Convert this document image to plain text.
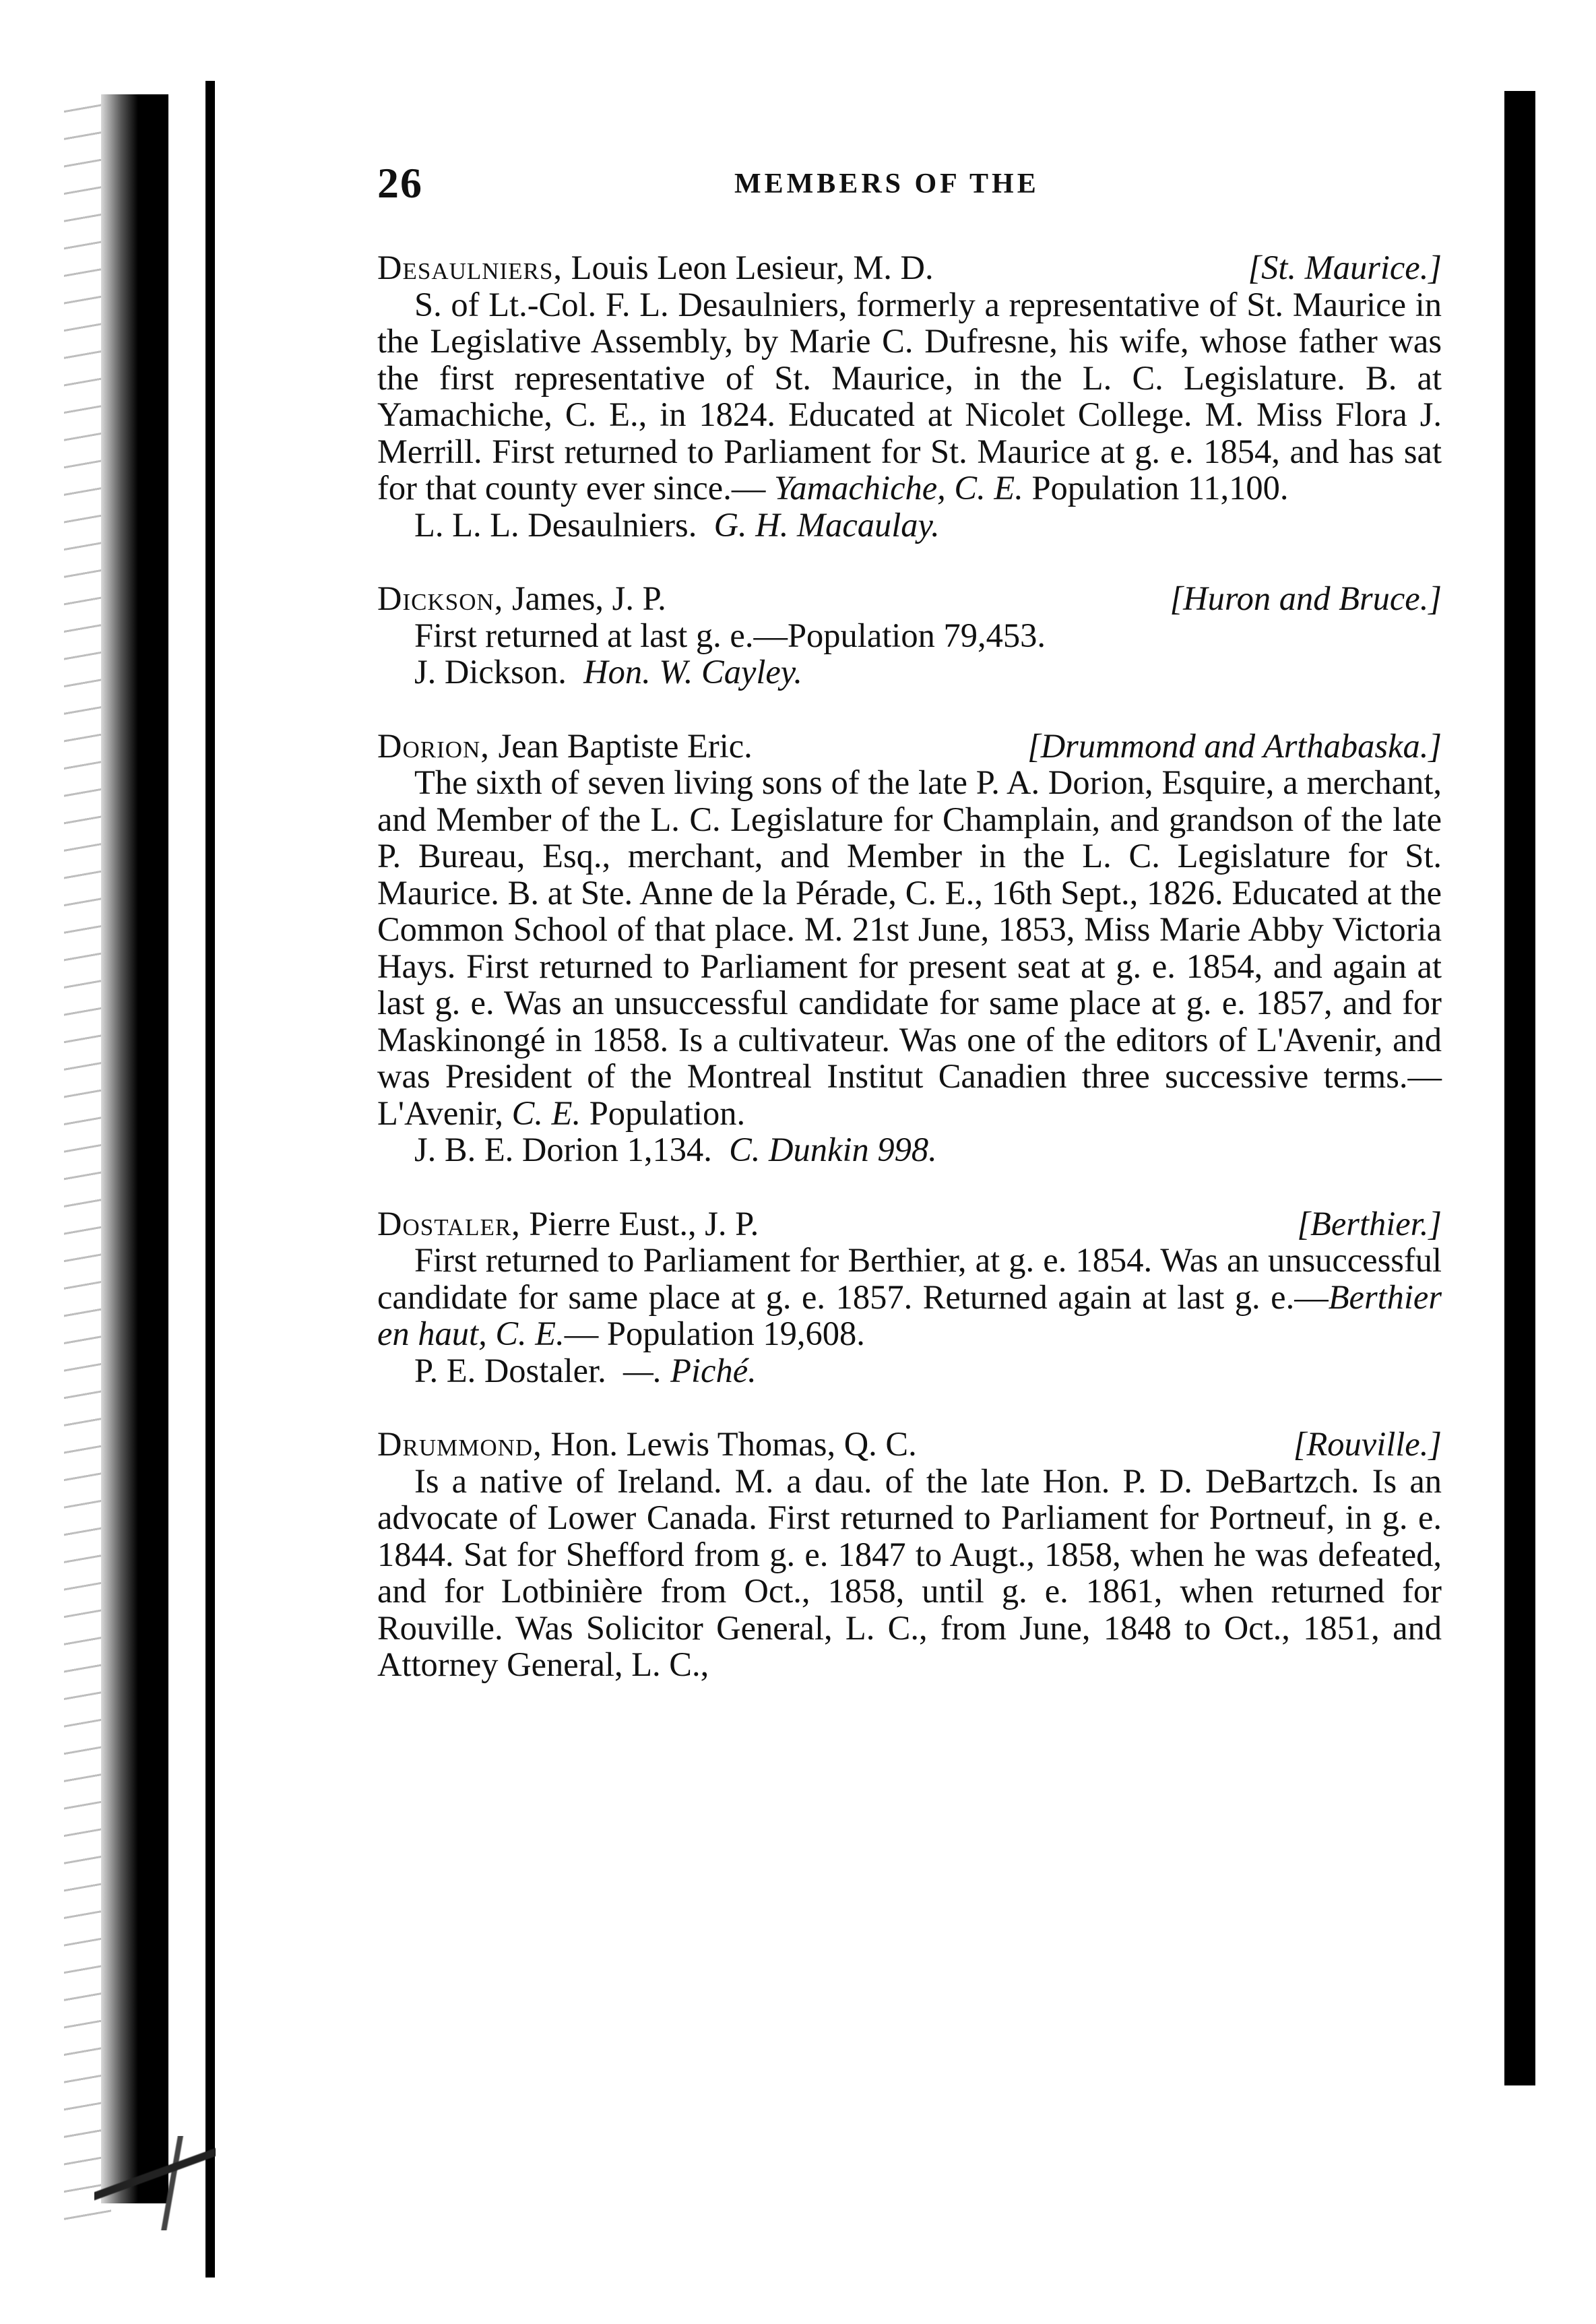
26	MEMBERS OF THE
Desaulniers, Louis Leon Lesieur, M. D.	[St. Maurice.]
S. of Lt.-Col. F. L. Desaulniers, formerly a representative of St. Maurice in the Legislative Assembly, by Marie C. Dufresne, his wife, whose father was the first representative of St. Maurice, in the L. C. Legislature. B. at Yamachiche, C. E., in 1824. Educated at Nicolet College. M. Miss Flora J. Merrill. First returned to Parliament for St. Maurice at g. e. 1854, and has sat for that county ever since.— Yamachiche, C. E. Population 11,100.
L. L. L. Desaulniers. G. H. Macaulay.
Dickson, James, J. P.	[Huron and Bruce.]
First returned at last g. e.—Population 79,453.
J. Dickson. Hon. W. Cayley.
Dorion, Jean Baptiste Eric.	[Drummond and Arthabaska.]
The sixth of seven living sons of the late P. A. Dorion, Esquire, a merchant, and Member of the L. C. Legislature for Champlain, and grandson of the late P. Bureau, Esq., merchant, and Member in the L. C. Legislature for St. Maurice. B. at Ste. Anne de la Pérade, C. E., 16th Sept., 1826. Educated at the Common School of that place. M. 21st June, 1853, Miss Marie Abby Victoria Hays. First returned to Parliament for present seat at g. e. 1854, and again at last g. e. Was an unsuccessful candidate for same place at g. e. 1857, and for Maskinongé in 1858. Is a cultivateur. Was one of the editors of L'Avenir, and was President of the Montreal Institut Canadien three successive terms.—L'Avenir, C. E. Population.
J. B. E. Dorion 1,134. C. Dunkin 998.
Dostaler, Pierre Eust., J. P.	[Berthier.]
First returned to Parliament for Berthier, at g. e. 1854. Was an unsuccessful candidate for same place at g. e. 1857. Returned again at last g. e.—Berthier en haut, C. E.— Population 19,608.
P. E. Dostaler. —. Piché.
Drummond, Hon. Lewis Thomas, Q. C.	[Rouville.]
Is a native of Ireland. M. a dau. of the late Hon. P. D. DeBartzch. Is an advocate of Lower Canada. First returned to Parliament for Portneuf, in g. e. 1844. Sat for Shefford from g. e. 1847 to Augt., 1858, when he was defeated, and for Lotbinière from Oct., 1858, until g. e. 1861, when returned for Rouville. Was Solicitor General, L. C., from June, 1848 to Oct., 1851, and Attorney General, L. C.,
